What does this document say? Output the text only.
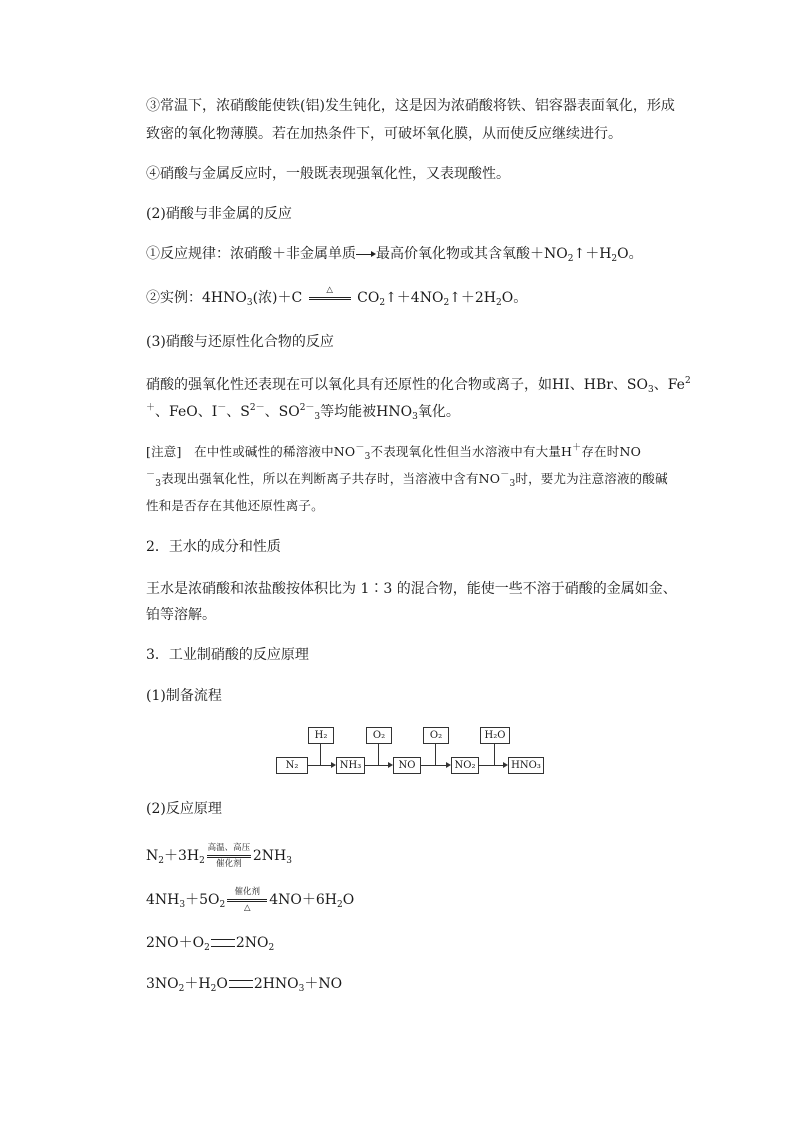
③常温下，浓硝酸能使铁(铝)发生钝化，这是因为浓硝酸将铁、铝容器表面氧化，形成
致密的氧化物薄膜。若在加热条件下，可破坏氧化膜，从而使反应继续进行。
④硝酸与金属反应时，一般既表现强氧化性，又表现酸性。
(2)硝酸与非金属的反应
①反应规律：浓硝酸＋非金属单质 最高价氧化物或其含氧酸$+NO_2↑+H_2O$。
②实例：$4HNO_3$(浓)＋C	△	$CO_2↑+4NO_2↑+2H_2O$。
(3)硝酸与还原性化合物的反应
硝酸的强氧化性还表现在可以氧化具有还原性的化合物或离子，如HI、HBr、$SO_3$、Fe$^2$
＋、FeO、I－、$S^{2-}$、$SO^{2-}_3$等均能被$HNO_3$氧化。
[注意] 在中性或碱性的稀溶液中$NO^-_3$不表现氧化性但当水溶液中有大量H＋存在时NO
－$_3$表现出强氧化性，所以在判断离子共存时，当溶液中含有$NO^-_3$时，要尤为注意溶液的酸碱
性和是否存在其他还原性离子。
2．王水的成分和性质
王水是浓硝酸和浓盐酸按体积比为 1∶3 的混合物，能使一些不溶于硝酸的金属如金、
铂等溶解。
3．工业制硝酸的反应原理
(1)制备流程
H₂	O₂	O₂	H₂O
N₂	NH₃	NO	NO₂	HNO₃
(2)反应原理
$N_2+3H_2$
高温、高压
催化剂 $2NH_3$
$4NH_3+5O_2$
催化剂
△	$4NO+6H_2O$
$2NO+O_2$ $2NO_2$
$3NO_2+H_2O$ $2HNO_3+NO$
